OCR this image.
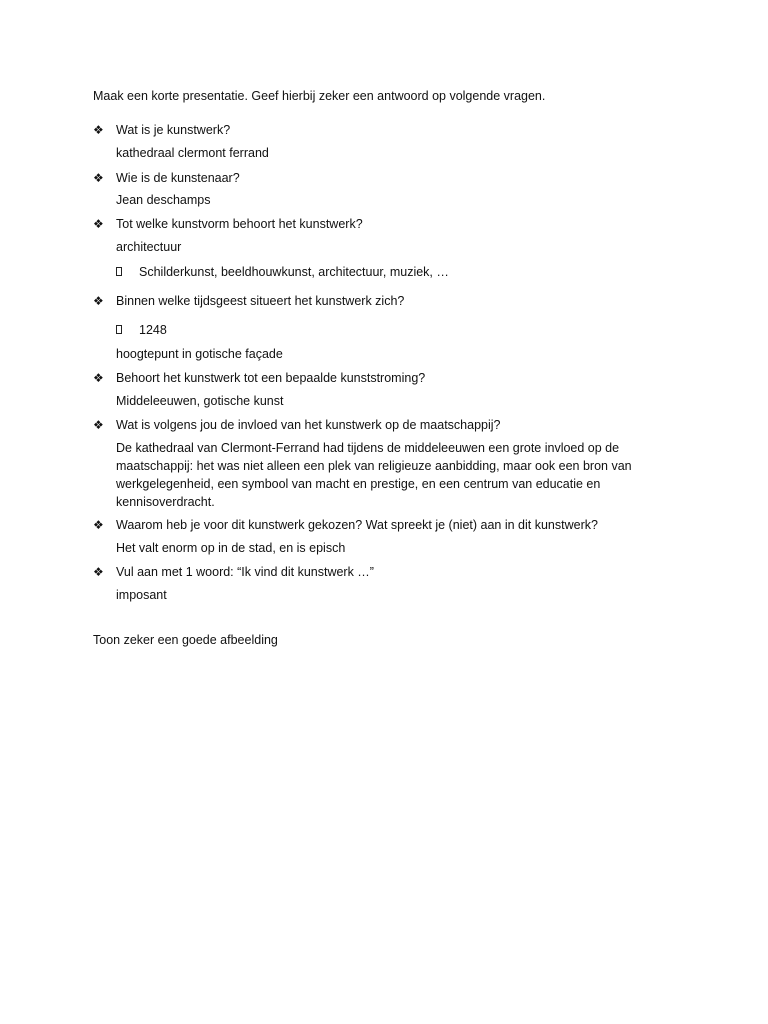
Maak een korte presentatie. Geef hierbij zeker een antwoord op volgende vragen.
❖ Wat is je kunstwerk?
kathedraal clermont ferrand
❖ Wie is de kunstenaar?
Jean deschamps
❖ Tot welke kunstvorm behoort het kunstwerk?
architectuur
Schilderkunst, beeldhouwkunst, architectuur, muziek, …
❖ Binnen welke tijdsgeest situeert het kunstwerk zich?
1248
hoogtepunt in gotische façade
❖ Behoort het kunstwerk tot een bepaalde kunststroming?
Middeleeuwen, gotische kunst
❖ Wat is volgens jou de invloed van het kunstwerk op de maatschappij?
De kathedraal van Clermont-Ferrand had tijdens de middeleeuwen een grote invloed op de maatschappij: het was niet alleen een plek van religieuze aanbidding, maar ook een bron van werkgelegenheid, een symbool van macht en prestige, en een centrum van educatie en kennisoverdracht.
❖ Waarom heb je voor dit kunstwerk gekozen? Wat spreekt je (niet) aan in dit kunstwerk?
Het valt enorm op in de stad, en is episch
❖ Vul aan met 1 woord: “Ik vind dit kunstwerk …”
imposant
Toon zeker een goede afbeelding
